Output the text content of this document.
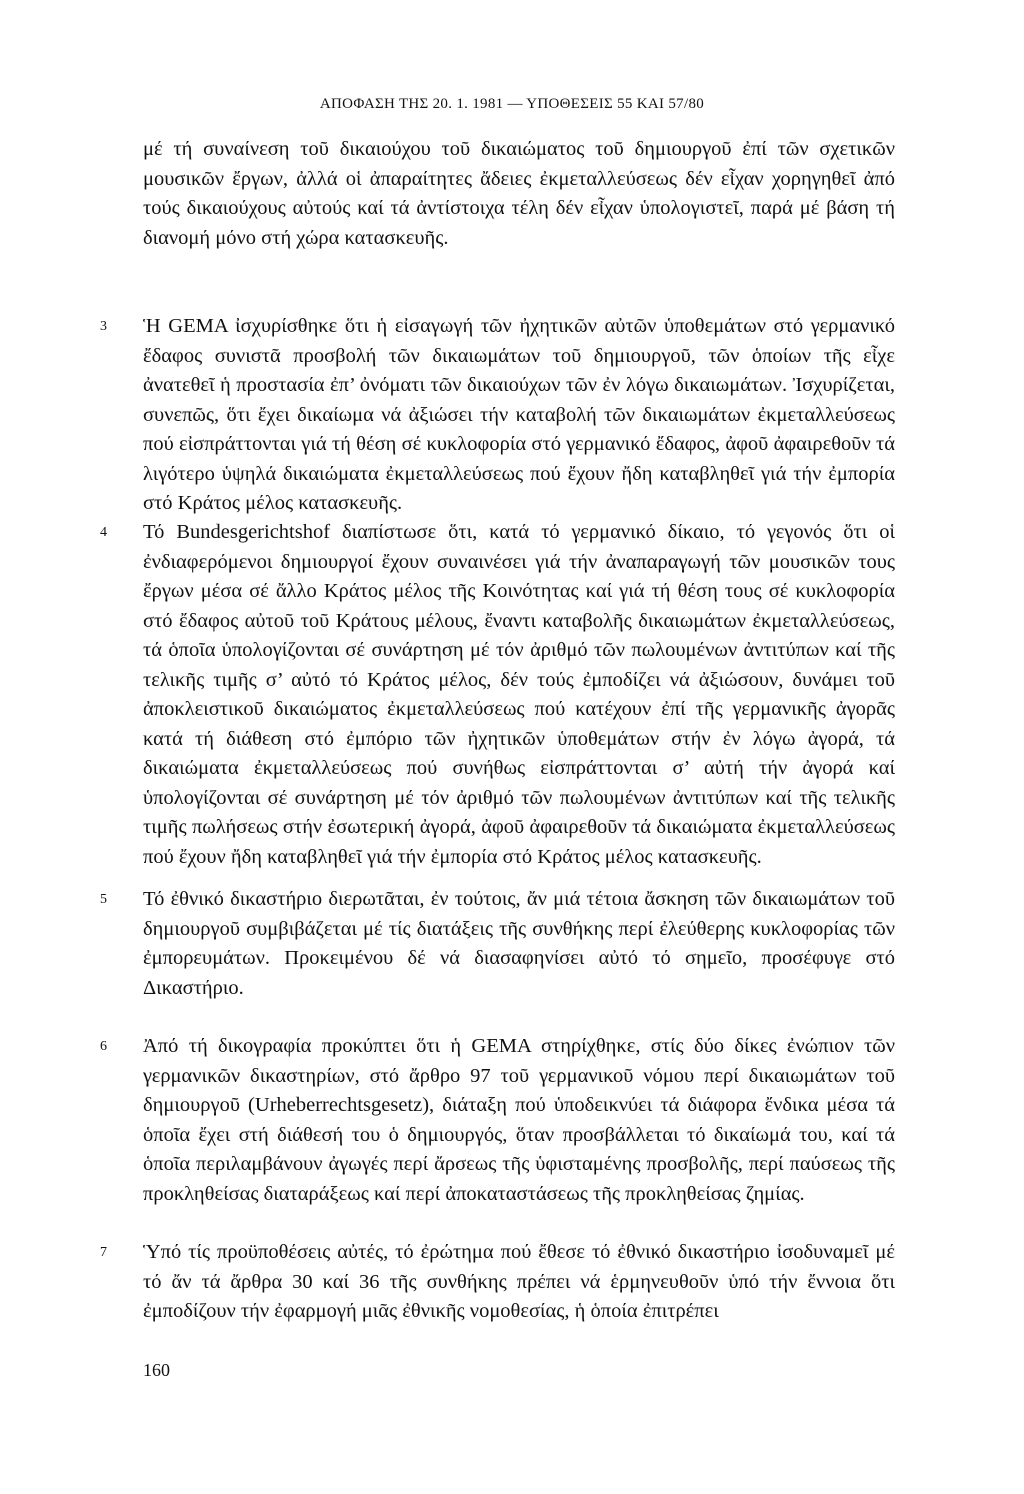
ΑΠΟΦΑΣΗ ΤΗΣ 20. 1. 1981 — ΥΠΟΘΕΣΕΙΣ 55 ΚΑΙ 57/80

μέ τή συναίνεση τοῦ δικαιούχου τοῦ δικαιώματος τοῦ δημιουργοῦ ἐπί τῶν σχετικῶν μουσικῶν ἔργων, ἀλλά οἱ ἀπαραίτητες ἄδειες ἐκμεταλλεύσεως δέν εἶχαν χορηγηθεῖ ἀπό τούς δικαιούχους αὐτούς καί τά ἀντίστοιχα τέλη δέν εἶχαν ὑπολογιστεῖ, παρά μέ βάση τή διανομή μόνο στή χώρα κατασκευῆς.

3	Ἡ GEMA ἰσχυρίσθηκε ὅτι ἡ εἰσαγωγή τῶν ἠχητικῶν αὐτῶν ὑποθεμάτων στό γερμανικό ἔδαφος συνιστᾶ προσβολή τῶν δικαιωμάτων τοῦ δημιουργοῦ, τῶν ὁποίων τῆς εἶχε ἀνατεθεῖ ἡ προστασία ἐπ’ ὀνόματι τῶν δικαιούχων τῶν ἐν λόγω δικαιωμάτων. Ἰσχυρίζεται, συνεπῶς, ὅτι ἔχει δικαίωμα νά ἀξιώσει τήν καταβολή τῶν δικαιωμάτων ἐκμεταλλεύσεως πού εἰσπράττονται γιά τή θέση σέ κυκλοφορία στό γερμανικό ἔδαφος, ἀφοῦ ἀφαιρεθοῦν τά λιγότερο ὑψηλά δικαιώματα ἐκμεταλλεύσεως πού ἔχουν ἤδη καταβληθεῖ γιά τήν ἐμπορία στό Κράτος μέλος κατασκευῆς.

4	Τό Bundesgerichtshof διαπίστωσε ὅτι, κατά τό γερμανικό δίκαιο, τό γεγονός ὅτι οἱ ἐνδιαφερόμενοι δημιουργοί ἔχουν συναινέσει γιά τήν ἀναπαραγωγή τῶν μουσικῶν τους ἔργων μέσα σέ ἄλλο Κράτος μέλος τῆς Κοινότητας καί γιά τή θέση τους σέ κυκλοφορία στό ἔδαφος αὐτοῦ τοῦ Κράτους μέλους, ἔναντι καταβολῆς δικαιωμάτων ἐκμεταλλεύσεως, τά ὁποῖα ὑπολογίζονται σέ συνάρτηση μέ τόν ἀριθμό τῶν πωλουμένων ἀντιτύπων καί τῆς τελικῆς τιμῆς σ’ αὐτό τό Κράτος μέλος, δέν τούς ἐμποδίζει νά ἀξιώσουν, δυνάμει τοῦ ἀποκλειστικοῦ δικαιώματος ἐκμεταλλεύσεως πού κατέχουν ἐπί τῆς γερμανικῆς ἀγορᾶς κατά τή διάθεση στό ἐμπόριο τῶν ἠχητικῶν ὑποθεμάτων στήν ἐν λόγω ἀγορά, τά δικαιώματα ἐκμεταλλεύσεως πού συνήθως εἰσπράττονται σ’ αὐτή τήν ἀγορά καί ὑπολογίζονται σέ συνάρτηση μέ τόν ἀριθμό τῶν πωλουμένων ἀντιτύπων καί τῆς τελικῆς τιμῆς πωλήσεως στήν ἐσωτερική ἀγορά, ἀφοῦ ἀφαιρεθοῦν τά δικαιώματα ἐκμεταλλεύσεως πού ἔχουν ἤδη καταβληθεῖ γιά τήν ἐμπορία στό Κράτος μέλος κατασκευῆς.

5	Τό ἐθνικό δικαστήριο διερωτᾶται, ἐν τούτοις, ἄν μιά τέτοια ἄσκηση τῶν δικαιωμάτων τοῦ δημιουργοῦ συμβιβάζεται μέ τίς διατάξεις τῆς συνθήκης περί ἐλεύθερης κυκλοφορίας τῶν ἐμπορευμάτων. Προκειμένου δέ νά διασαφηνίσει αὐτό τό σημεῖο, προσέφυγε στό Δικαστήριο.

6	Ἀπό τή δικογραφία προκύπτει ὅτι ἡ GEMA στηρίχθηκε, στίς δύο δίκες ἐνώπιον τῶν γερμανικῶν δικαστηρίων, στό ἄρθρο 97 τοῦ γερμανικοῦ νόμου περί δικαιωμάτων τοῦ δημιουργοῦ (Urheberrechtsgesetz), διάταξη πού ὑποδεικνύει τά διάφορα ἔνδικα μέσα τά ὁποῖα ἔχει στή διάθεσή του ὁ δημιουργός, ὅταν προσβάλλεται τό δικαίωμά του, καί τά ὁποῖα περιλαμβάνουν ἀγωγές περί ἄρσεως τῆς ὑφισταμένης προσβολῆς, περί παύσεως τῆς προκληθείσας διαταράξεως καί περί ἀποκαταστάσεως τῆς προκληθείσας ζημίας.

7	Ὑπό τίς προϋποθέσεις αὐτές, τό ἐρώτημα πού ἔθεσε τό ἐθνικό δικαστήριο ἰσοδυναμεῖ μέ τό ἄν τά ἄρθρα 30 καί 36 τῆς συνθήκης πρέπει νά ἑρμηνευθοῦν ὑπό τήν ἔννοια ὅτι ἐμποδίζουν τήν ἐφαρμογή μιᾶς ἐθνικῆς νομοθεσίας, ἡ ὁποία ἐπιτρέπει

160
